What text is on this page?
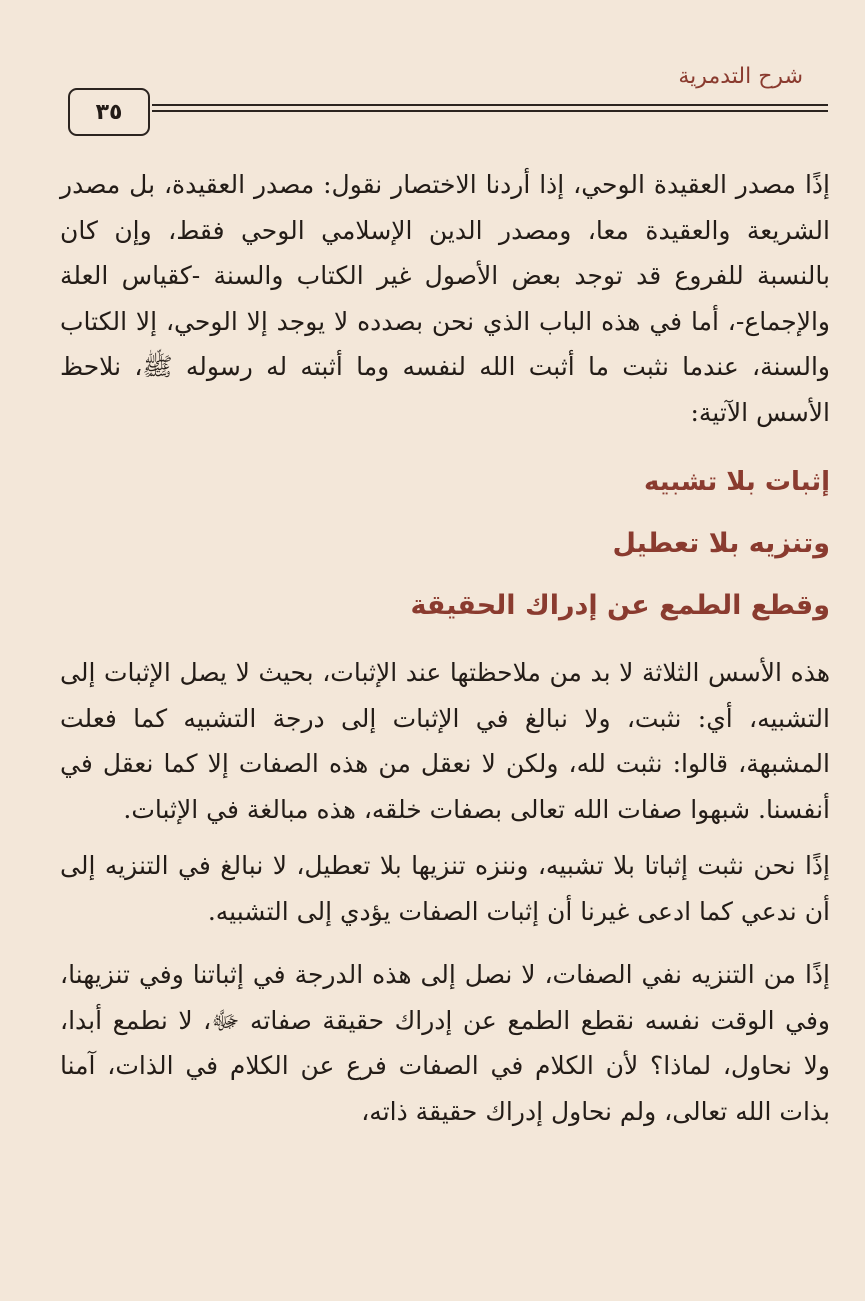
شرح التدمرية
٣٥

إذًا مصدر العقيدة الوحي، إذا أردنا الاختصار نقول: مصدر العقيدة، بل مصدر الشريعة والعقيدة معا، ومصدر الدين الإسلامي الوحي فقط، وإن كان بالنسبة للفروع قد توجد بعض الأصول غير الكتاب والسنة -كقياس العلة والإجماع-، أما في هذه الباب الذي نحن بصدده لا يوجد إلا الوحي، إلا الكتاب والسنة، عندما نثبت ما أثبت الله لنفسه وما أثبته له رسوله ﷺ، نلاحظ الأسس الآتية:

إثبات بلا تشبيه

وتنزيه بلا تعطيل

وقطع الطمع عن إدراك الحقيقة

هذه الأسس الثلاثة لا بد من ملاحظتها عند الإثبات، بحيث لا يصل الإثبات إلى التشبيه، أي: نثبت، ولا نبالغ في الإثبات إلى درجة التشبيه كما فعلت المشبهة، قالوا: نثبت لله، ولكن لا نعقل من هذه الصفات إلا كما نعقل في أنفسنا. شبهوا صفات الله تعالى بصفات خلقه، هذه مبالغة في الإثبات.

إذًا نحن نثبت إثباتا بلا تشبيه، وننزه تنزيها بلا تعطيل، لا نبالغ في التنزيه إلى أن ندعي كما ادعى غيرنا أن إثبات الصفات يؤدي إلى التشبيه.

إذًا من التنزيه نفي الصفات، لا نصل إلى هذه الدرجة في إثباتنا وفي تنزيهنا، وفي الوقت نفسه نقطع الطمع عن إدراك حقيقة صفاته ﷻ، لا نطمع أبدا، ولا نحاول، لماذا؟ لأن الكلام في الصفات فرع عن الكلام في الذات، آمنا بذات الله تعالى، ولم نحاول إدراك حقيقة ذاته،
